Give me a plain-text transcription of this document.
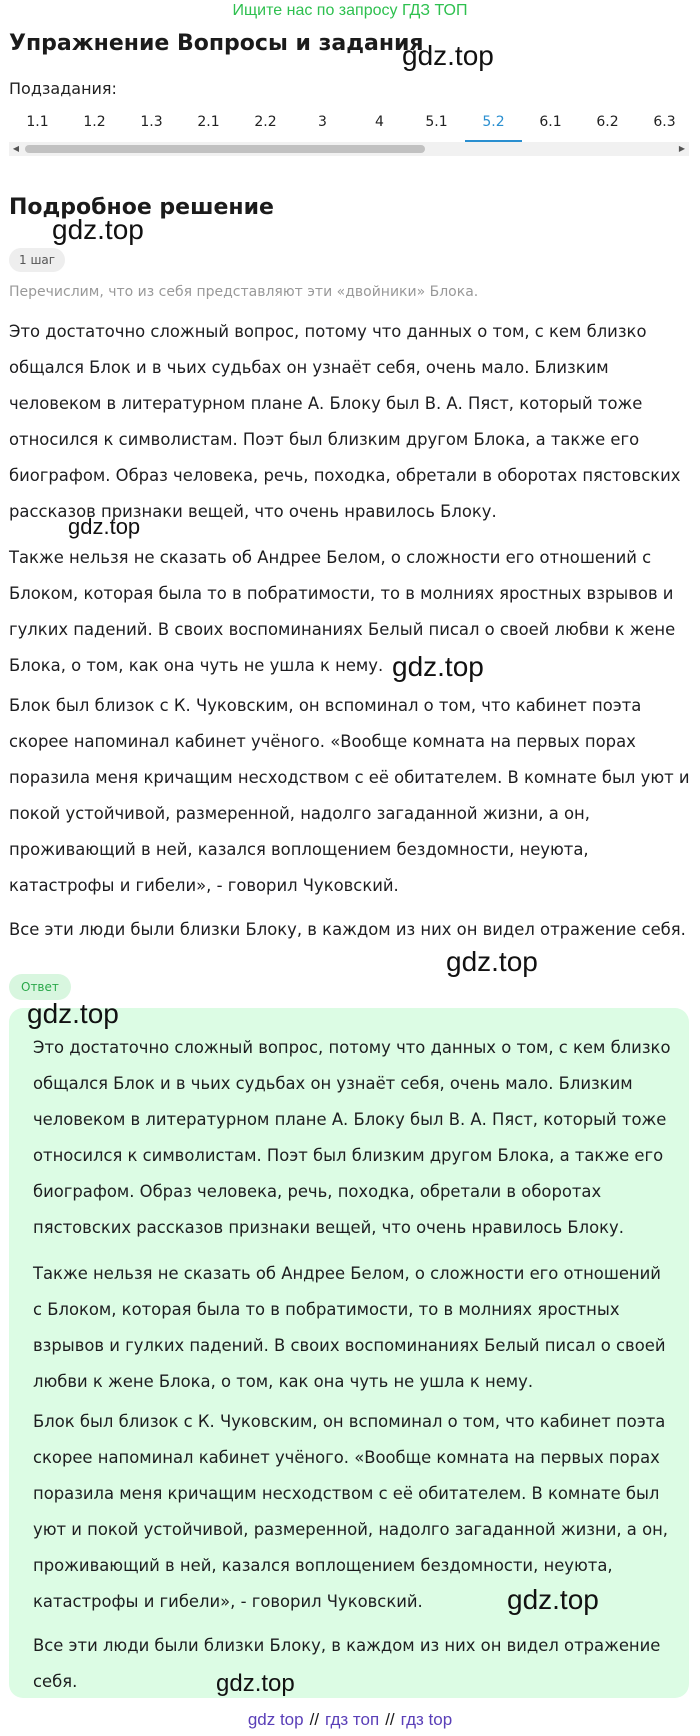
Ищите нас по запросу ГДЗ ТОП
Упражнение Вопросы и задания
gdz.top
Подзадания:
1.1	1.2	1.3	2.1	2.2	3	4	5.1	5.2	6.1	6.2	6.3
◀	▶
Подробное решение
1 шаг
gdz.top
Перечислим, что из себя представляют эти «двойники» Блока.

Это достаточно сложный вопрос, потому что данных о том, с кем близко общался Блок и в чьих судьбах он узнаёт себя, очень мало. Близким человеком в литературном плане А. Блоку был В. А. Пяст, который тоже относился к символистам. Поэт был близким другом Блока, а также его биографом. Образ человека, речь, походка, обретали в оборотах пястовских рассказов признаки вещей, что очень нравилось Блоку.

gdz.top

Также нельзя не сказать об Андрее Белом, о сложности его отношений с Блоком, которая была то в побратимости, то в молниях яростных взрывов и гулких падений. В своих воспоминаниях Белый писал о своей любви к жене Блока, о том, как она чуть не ушла к нему. gdz.top

Блок был близок с К. Чуковским, он вспоминал о том, что кабинет поэта скорее напоминал кабинет учёного. «Вообще комната на первых порах поразила меня кричащим несходством с её обитателем. В комнате был уют и покой устойчивой, размеренной, надолго загаданной жизни, а он, проживающий в ней, казался воплощением бездомности, неуюта, катастрофы и гибели», - говорил Чуковский.

Все эти люди были близки Блоку, в каждом из них он видел отражение себя.

gdz.top
Ответ
gdz.top

Это достаточно сложный вопрос, потому что данных о том, с кем близко общался Блок и в чьих судьбах он узнаёт себя, очень мало. Близким человеком в литературном плане А. Блоку был В. А. Пяст, который тоже относился к символистам. Поэт был близким другом Блока, а также его биографом. Образ человека, речь, походка, обретали в оборотах пястовских рассказов признаки вещей, что очень нравилось Блоку.

Также нельзя не сказать об Андрее Белом, о сложности его отношений с Блоком, которая была то в побратимости, то в молниях яростных взрывов и гулких падений. В своих воспоминаниях Белый писал о своей любви к жене Блока, о том, как она чуть не ушла к нему.

Блок был близок с К. Чуковским, он вспоминал о том, что кабинет поэта скорее напоминал кабинет учёного. «Вообще комната на первых порах поразила меня кричащим несходством с её обитателем. В комнате был уют и покой устойчивой, размеренной, надолго загаданной жизни, а он, проживающий в ней, казался воплощением бездомности, неуюта, катастрофы и гибели», - говорил Чуковский.	gdz.top

Все эти люди были близки Блоку, в каждом из них он видел отражение себя.	gdz.top
gdz top // гдз топ // гдз top
